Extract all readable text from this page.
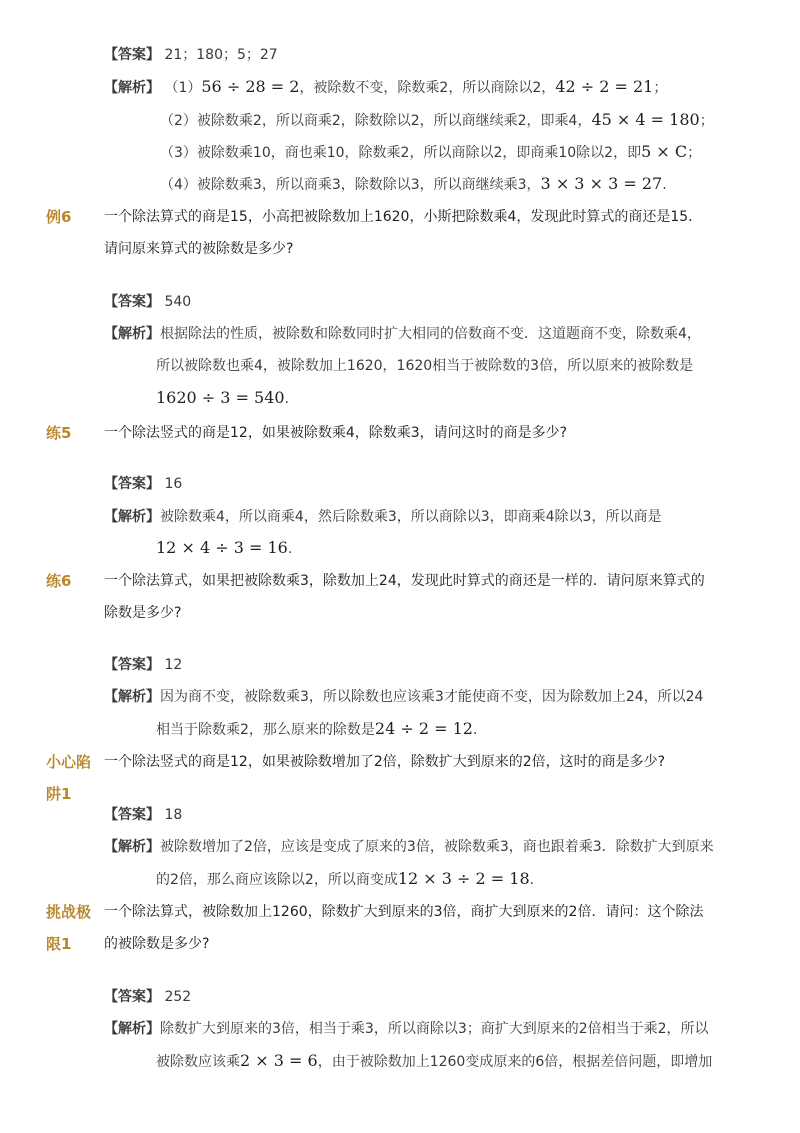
【答案】 21；180；5；27
【解析】 （1）56 ÷ 28 = 2，被除数不变，除数乘2，所以商除以2，42 ÷ 2 = 21；
（2）被除数乘2，所以商乘2，除数除以2，所以商继续乘2，即乘4，45 × 4 = 180；
（3）被除数乘10，商也乘10，除数乘2，所以商除以2，即商乘10除以2，即5 × C；
（4）被除数乘3，所以商乘3，除数除以3，所以商继续乘3，3 × 3 × 3 = 27.
例6 一个除法算式的商是15，小高把被除数加上1620，小斯把除数乘4，发现此时算式的商还是15．
请问原来算式的被除数是多少?
【答案】 540
【解析】根据除法的性质，被除数和除数同时扩大相同的倍数商不变．这道题商不变，除数乘4，
所以被除数也乘4，被除数加上1620，1620相当于被除数的3倍，所以原来的被除数是
1620 ÷ 3 = 540.
练5 一个除法竖式的商是12，如果被除数乘4，除数乘3，请问这时的商是多少?
【答案】 16
【解析】被除数乘4，所以商乘4，然后除数乘3，所以商除以3，即商乘4除以3，所以商是
12 × 4 ÷ 3 = 16.
练6 一个除法算式，如果把被除数乘3，除数加上24，发现此时算式的商还是一样的．请问原来算式的
除数是多少?
【答案】 12
【解析】因为商不变，被除数乘3，所以除数也应该乘3才能使商不变，因为除数加上24，所以24
相当于除数乘2，那么原来的除数是24 ÷ 2 = 12.
小心陷
阱1
一个除法竖式的商是12，如果被除数增加了2倍，除数扩大到原来的2倍，这时的商是多少?
【答案】 18
【解析】被除数增加了2倍，应该是变成了原来的3倍，被除数乘3，商也跟着乘3．除数扩大到原来
的2倍，那么商应该除以2，所以商变成12 × 3 ÷ 2 = 18.
挑战极
限1
一个除法算式，被除数加上1260，除数扩大到原来的3倍，商扩大到原来的2倍．请问：这个除法
的被除数是多少?
【答案】 252
【解析】除数扩大到原来的3倍，相当于乘3，所以商除以3；商扩大到原来的2倍相当于乘2，所以
被除数应该乘2 × 3 = 6，由于被除数加上1260变成原来的6倍，根据差倍问题，即增加
